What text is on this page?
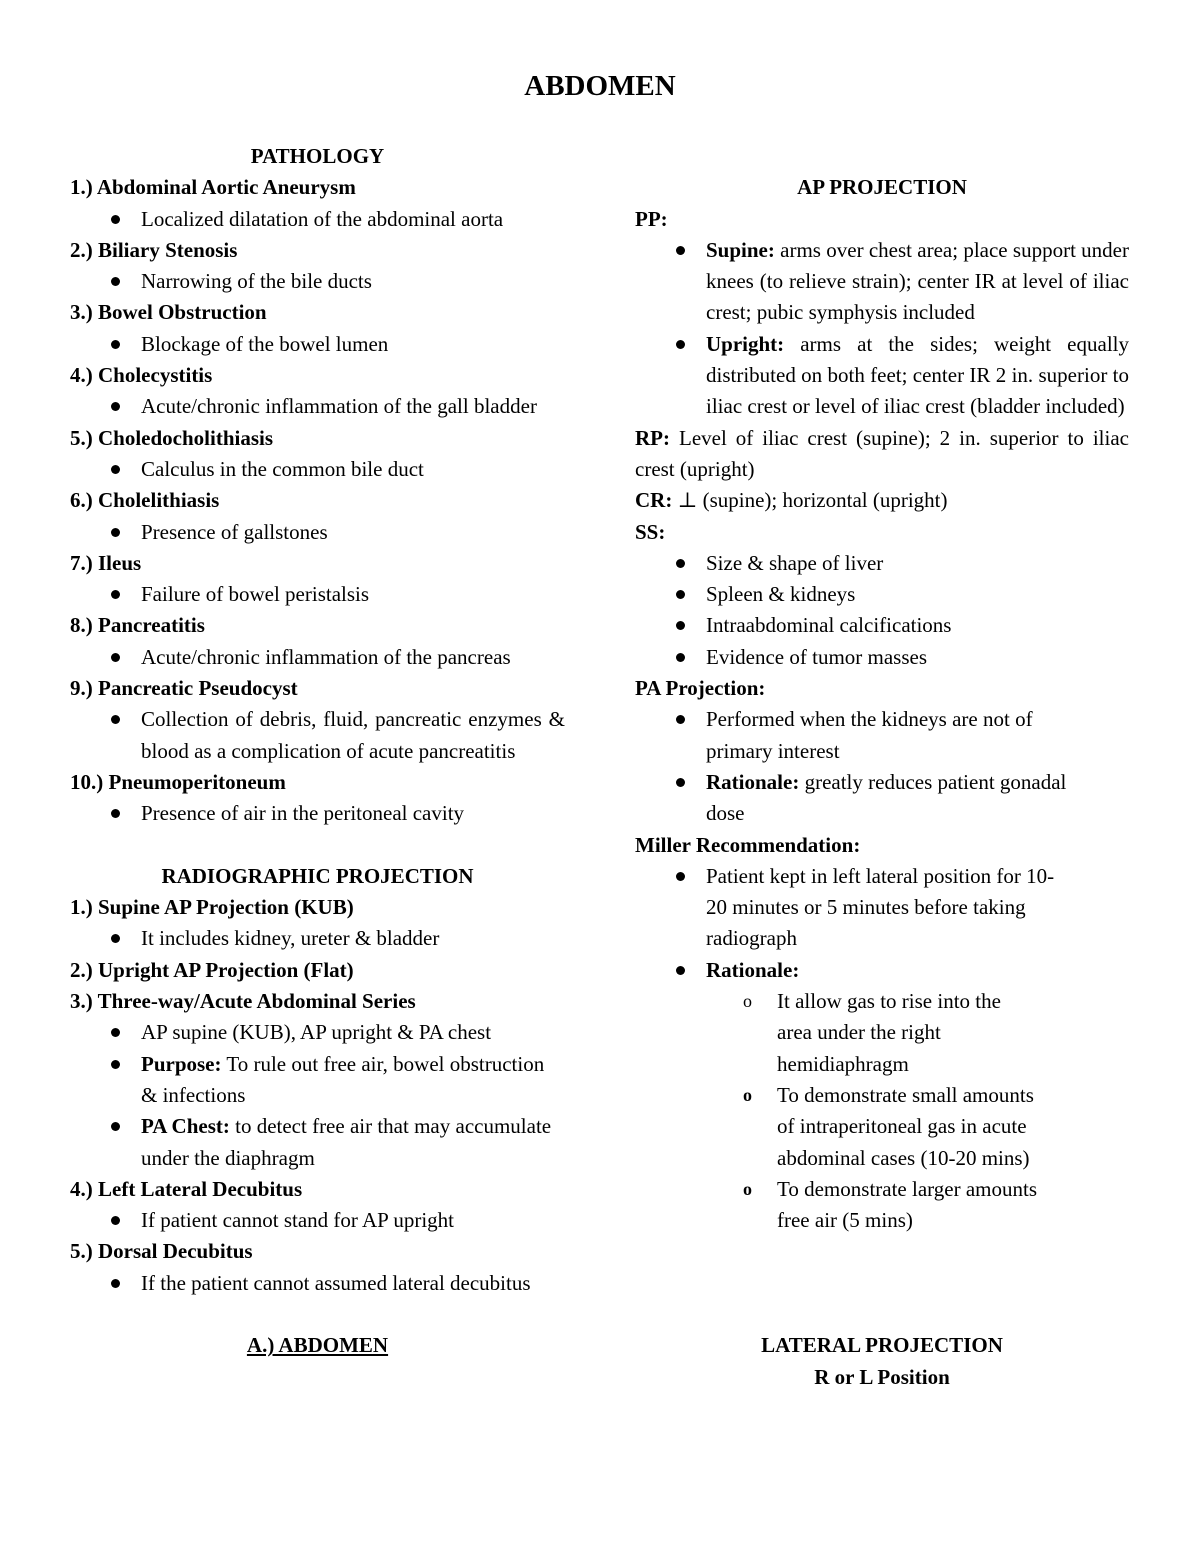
ABDOMEN

PATHOLOGY

1.) Abdominal Aortic Aneurysm

Localized dilatation of the abdominal aorta

2.) Biliary Stenosis

Narrowing of the bile ducts

3.) Bowel Obstruction

Blockage of the bowel lumen

4.) Cholecystitis

Acute/chronic inflammation of the gall bladder

5.) Choledocholithiasis

Calculus in the common bile duct

6.) Cholelithiasis

Presence of gallstones

7.) Ileus

Failure of bowel peristalsis

8.) Pancreatitis

Acute/chronic inflammation of the pancreas

9.) Pancreatic Pseudocyst

Collection of debris, fluid, pancreatic enzymes & blood as a complication of acute pancreatitis

10.) Pneumoperitoneum

Presence of air in the peritoneal cavity

RADIOGRAPHIC PROJECTION

1.) Supine AP Projection (KUB)

It includes kidney, ureter & bladder

2.) Upright AP Projection (Flat)

3.) Three-way/Acute Abdominal Series

AP supine (KUB), AP upright & PA chest
Purpose: To rule out free air, bowel obstruction & infections
PA Chest: to detect free air that may accumulate under the diaphragm

4.) Left Lateral Decubitus

If patient cannot stand for AP upright

5.) Dorsal Decubitus

If the patient cannot assumed lateral decubitus

A.) ABDOMEN

AP PROJECTION

PP:

Supine: arms over chest area; place support under knees (to relieve strain); center IR at level of iliac crest; pubic symphysis included
Upright: arms at the sides; weight equally distributed on both feet; center IR 2 in. superior to iliac crest or level of iliac crest (bladder included)

RP: Level of iliac crest (supine); 2 in. superior to iliac crest (upright)

CR: ⊥ (supine); horizontal (upright)

SS:

Size & shape of liver
Spleen & kidneys
Intraabdominal calcifications
Evidence of tumor masses

PA Projection:

Performed when the kidneys are not of primary interest
Rationale: greatly reduces patient gonadal dose

Miller Recommendation:

Patient kept in left lateral position for 10-20 minutes or 5 minutes before taking radiograph
Rationale:
o It allow gas to rise into the area under the right hemidiaphragm
o To demonstrate small amounts of intraperitoneal gas in acute abdominal cases (10-20 mins)
o To demonstrate larger amounts free air (5 mins)

LATERAL PROJECTION

R or L Position
